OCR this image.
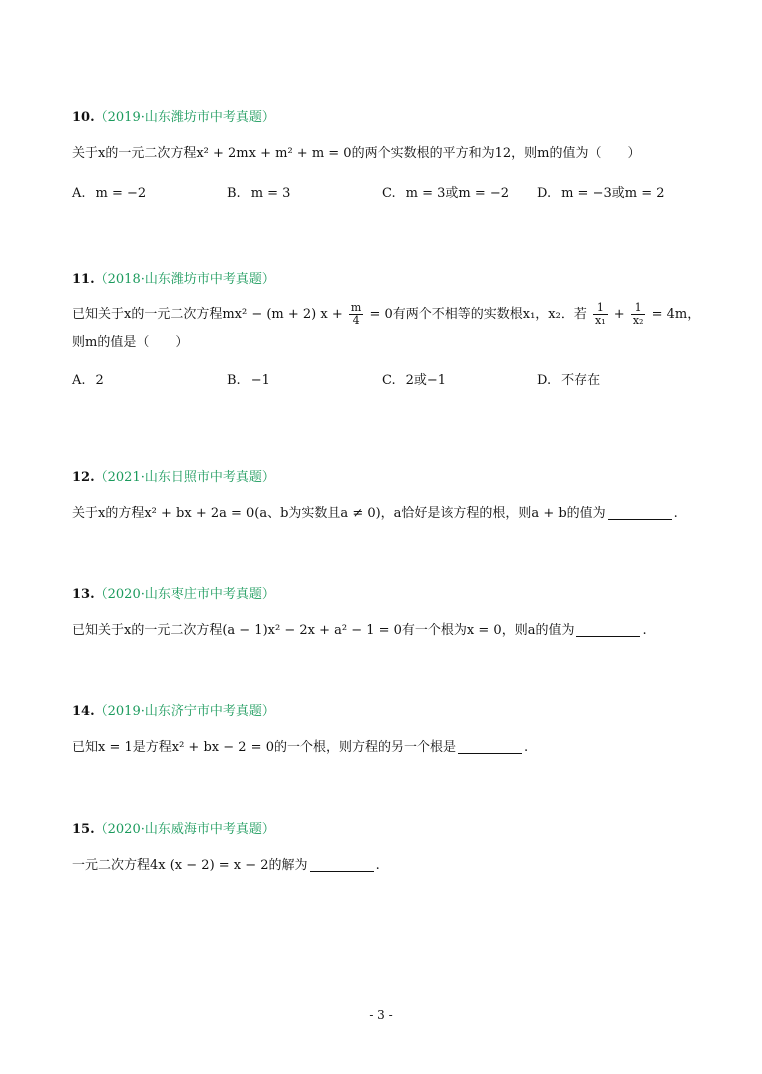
10.（2019·山东潍坊市中考真题）
关于x的一元二次方程x² + 2mx + m² + m = 0的两个实数根的平方和为12，则m的值为（　　）
A. m = −2	B. m = 3	C. m = 3或m = −2 D. m = −3或m = 2
11.（2018·山东潍坊市中考真题）
已知关于x的一元二次方程mx² − (m + 2) $x + \frac{m}{4} = 0$有两个不相等的实数根x₁，x₂．若 $\frac{1}{\text{x₁}} + \frac{1}{\text{x₂}} = 4m$，
则m的值是（　　）
A. 2	B. −1	C. 2或−1	D. 不存在
12.（2021·山东日照市中考真题）
关于x的方程x² + bx + 2a = 0(a、b为实数且a ≠ 0)，a恰好是该方程的根，则a + b的值为	.
13.（2020·山东枣庄市中考真题）
已知关于x的一元二次方程(a − 1)x² − 2x + a² − 1 = 0有一个根为x = 0，则a的值为	.
14.（2019·山东济宁市中考真题）
已知x = 1是方程x² + bx − 2 = 0的一个根，则方程的另一个根是	.
15.（2020·山东威海市中考真题）
一元二次方程4x (x − 2) = x − 2的解为	.
- 3 -
